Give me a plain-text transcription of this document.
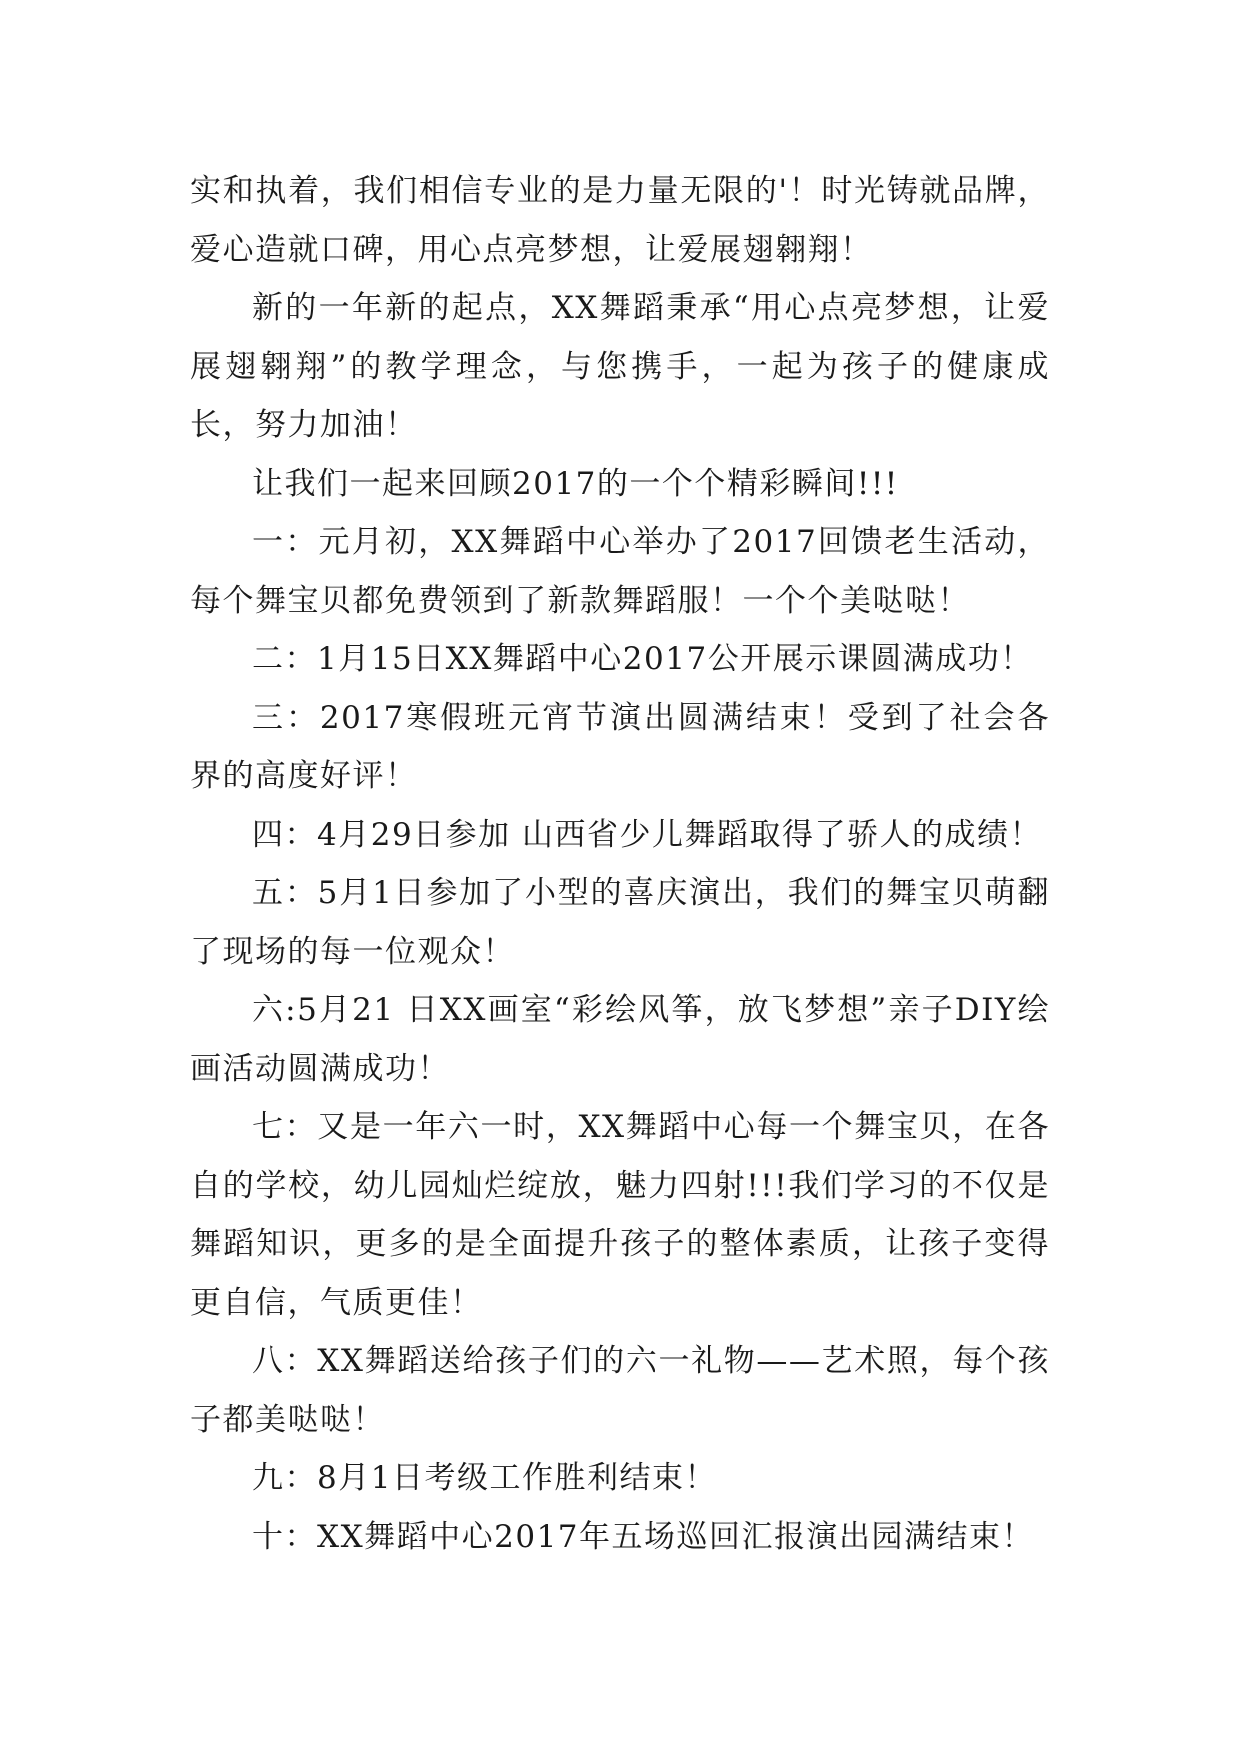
实和执着，我们相信专业的是力量无限的'！时光铸就品牌，爱心造就口碑，用心点亮梦想，让爱展翅翱翔！

新的一年新的起点，XX舞蹈秉承“用心点亮梦想，让爱展翅翱翔”的教学理念，与您携手，一起为孩子的健康成长，努力加油！

让我们一起来回顾2017的一个个精彩瞬间!!!

一：元月初，XX舞蹈中心举办了2017回馈老生活动，每个舞宝贝都免费领到了新款舞蹈服！一个个美哒哒！

二：1月15日XX舞蹈中心2017公开展示课圆满成功！

三：2017寒假班元宵节演出圆满结束！受到了社会各界的高度好评！

四：4月29日参加 山西省少儿舞蹈取得了骄人的成绩！

五：5月1日参加了小型的喜庆演出，我们的舞宝贝萌翻了现场的每一位观众！

六:5月21 日XX画室“彩绘风筝，放飞梦想”亲子DIY绘画活动圆满成功！

七：又是一年六一时，XX舞蹈中心每一个舞宝贝，在各自的学校，幼儿园灿烂绽放，魅力四射!!!我们学习的不仅是舞蹈知识，更多的是全面提升孩子的整体素质，让孩子变得更自信，气质更佳！

八：XX舞蹈送给孩子们的六一礼物——艺术照，每个孩子都美哒哒！

九：8月1日考级工作胜利结束！

十：XX舞蹈中心2017年五场巡回汇报演出园满结束！
